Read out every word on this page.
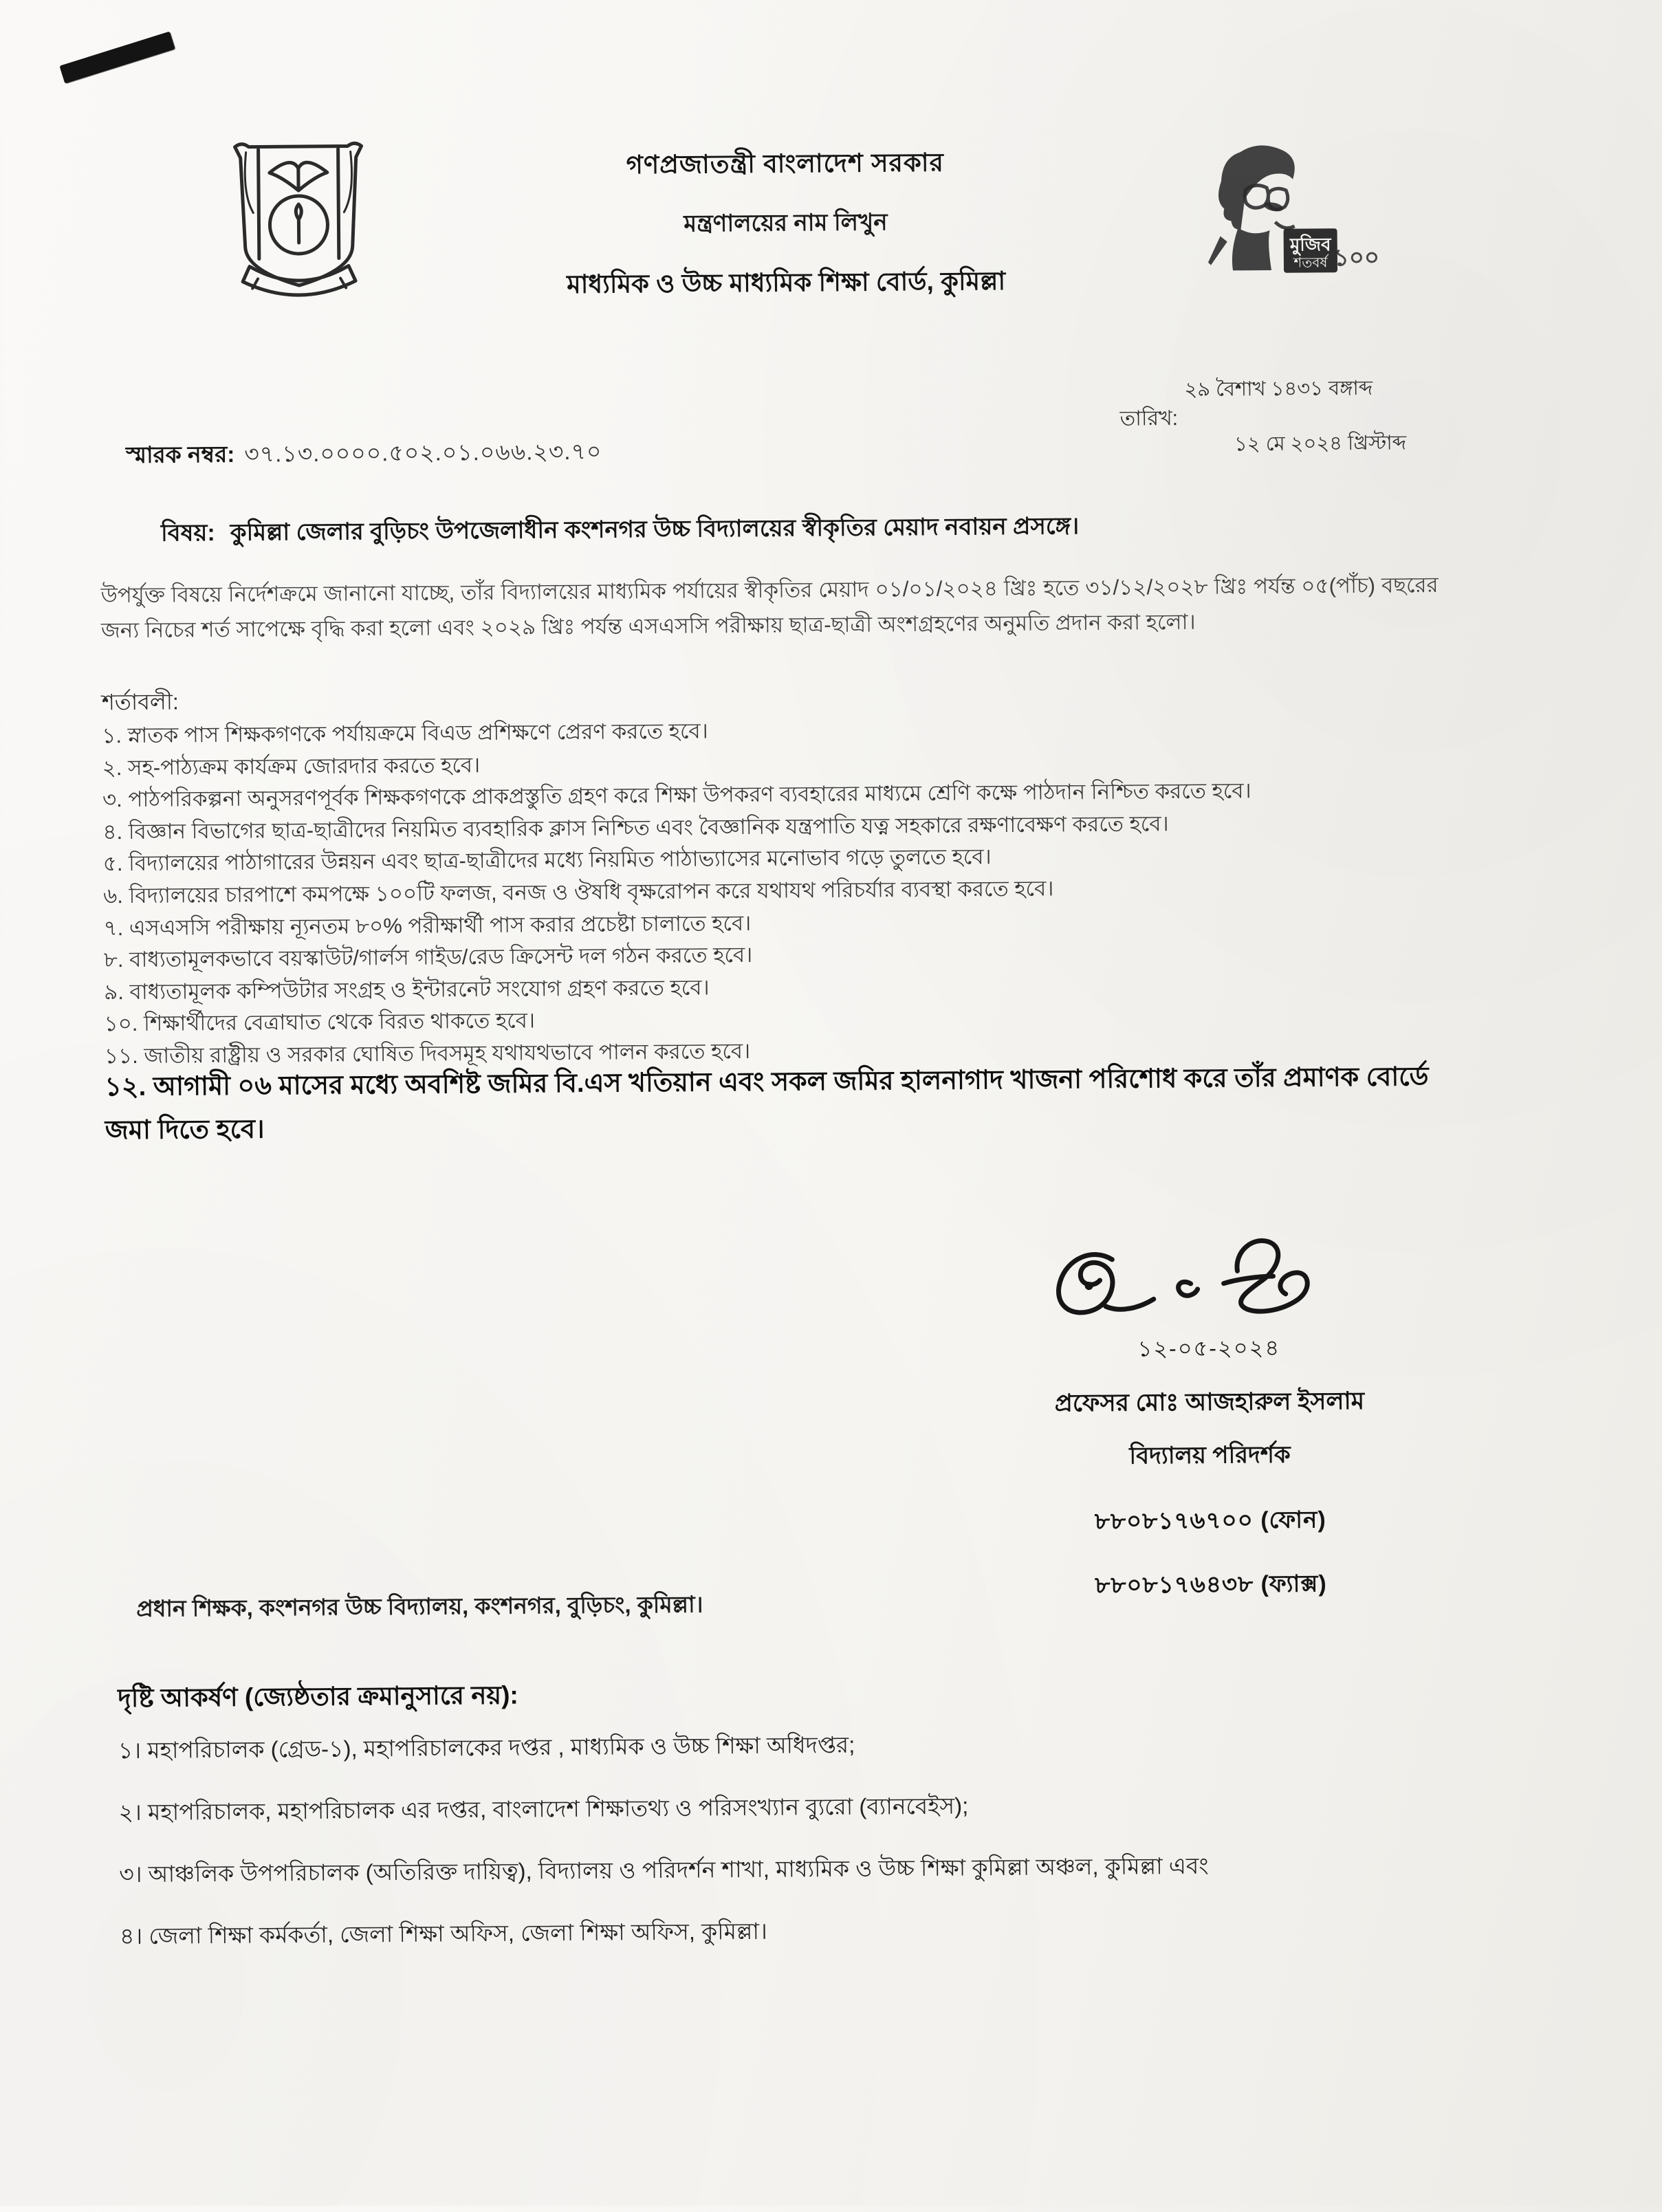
গণপ্রজাতন্ত্রী বাংলাদেশ সরকার
মন্ত্রণালয়ের নাম লিখুন
মাধ্যমিক ও উচ্চ মাধ্যমিক শিক্ষা বোর্ড, কুমিল্লা
মুজিব
শতবর্ষ ১০০
স্মারক নম্বর: ৩৭.১৩.০০০০.৫০২.০১.০৬৬.২৩.৭০
২৯ বৈশাখ ১৪৩১ বঙ্গাব্দ
তারিখ:
১২ মে ২০২৪ খ্রিস্টাব্দ
বিষয়: কুমিল্লা জেলার বুড়িচং উপজেলাধীন কংশনগর উচ্চ বিদ্যালয়ের স্বীকৃতির মেয়াদ নবায়ন প্রসঙ্গে।
উপর্যুক্ত বিষয়ে নির্দেশক্রমে জানানো যাচ্ছে, তাঁর বিদ্যালয়ের মাধ্যমিক পর্যায়ের স্বীকৃতির মেয়াদ ০১/০১/২০২৪ খ্রিঃ হতে ৩১/১২/২০২৮ খ্রিঃ পর্যন্ত ০৫(পাঁচ) বছরের জন্য নিচের শর্ত সাপেক্ষে বৃদ্ধি করা হলো এবং ২০২৯ খ্রিঃ পর্যন্ত এসএসসি পরীক্ষায় ছাত্র-ছাত্রী অংশগ্রহণের অনুমতি প্রদান করা হলো।
শর্তাবলী:
১. স্নাতক পাস শিক্ষকগণকে পর্যায়ক্রমে বিএড প্রশিক্ষণে প্রেরণ করতে হবে।
২. সহ-পাঠ্যক্রম কার্যক্রম জোরদার করতে হবে।
৩. পাঠপরিকল্পনা অনুসরণপূর্বক শিক্ষকগণকে প্রাকপ্রস্তুতি গ্রহণ করে শিক্ষা উপকরণ ব্যবহারের মাধ্যমে শ্রেণি কক্ষে পাঠদান নিশ্চিত করতে হবে।
৪. বিজ্ঞান বিভাগের ছাত্র-ছাত্রীদের নিয়মিত ব্যবহারিক ক্লাস নিশ্চিত এবং বৈজ্ঞানিক যন্ত্রপাতি যত্ন সহকারে রক্ষণাবেক্ষণ করতে হবে।
৫. বিদ্যালয়ের পাঠাগারের উন্নয়ন এবং ছাত্র-ছাত্রীদের মধ্যে নিয়মিত পাঠাভ্যাসের মনোভাব গড়ে তুলতে হবে।
৬. বিদ্যালয়ের চারপাশে কমপক্ষে ১০০টি ফলজ, বনজ ও ঔষধি বৃক্ষরোপন করে যথাযথ পরিচর্যার ব্যবস্থা করতে হবে।
৭. এসএসসি পরীক্ষায় ন্যূনতম ৮০% পরীক্ষার্থী পাস করার প্রচেষ্টা চালাতে হবে।
৮. বাধ্যতামূলকভাবে বয়স্কাউট/গার্লস গাইড/রেড ক্রিসেন্ট দল গঠন করতে হবে।
৯. বাধ্যতামূলক কম্পিউটার সংগ্রহ ও ইন্টারনেট সংযোগ গ্রহণ করতে হবে।
১০. শিক্ষার্থীদের বেত্রাঘাত থেকে বিরত থাকতে হবে।
১১. জাতীয় রাষ্ট্রীয় ও সরকার ঘোষিত দিবসমূহ যথাযথভাবে পালন করতে হবে।
১২. আগামী ০৬ মাসের মধ্যে অবশিষ্ট জমির বি.এস খতিয়ান এবং সকল জমির হালনাগাদ খাজনা পরিশোধ করে তাঁর প্রমাণক বোর্ডে জমা দিতে হবে।
১২-০৫-২০২৪
প্রফেসর মোঃ আজহারুল ইসলাম
বিদ্যালয় পরিদর্শক
৮৮০৮১৭৬৭০০ (ফোন)
৮৮০৮১৭৬৪৩৮ (ফ্যাক্স)
প্রধান শিক্ষক, কংশনগর উচ্চ বিদ্যালয়, কংশনগর, বুড়িচং, কুমিল্লা।
দৃষ্টি আকর্ষণ (জ্যেষ্ঠতার ক্রমানুসারে নয়):
১। মহাপরিচালক (গ্রেড-১), মহাপরিচালকের দপ্তর , মাধ্যমিক ও উচ্চ শিক্ষা অধিদপ্তর;
২। মহাপরিচালক, মহাপরিচালক এর দপ্তর, বাংলাদেশ শিক্ষাতথ্য ও পরিসংখ্যান ব্যুরো (ব্যানবেইস);
৩। আঞ্চলিক উপপরিচালক (অতিরিক্ত দায়িত্ব), বিদ্যালয় ও পরিদর্শন শাখা, মাধ্যমিক ও উচ্চ শিক্ষা কুমিল্লা অঞ্চল, কুমিল্লা এবং
৪। জেলা শিক্ষা কর্মকর্তা, জেলা শিক্ষা অফিস, জেলা শিক্ষা অফিস, কুমিল্লা।
